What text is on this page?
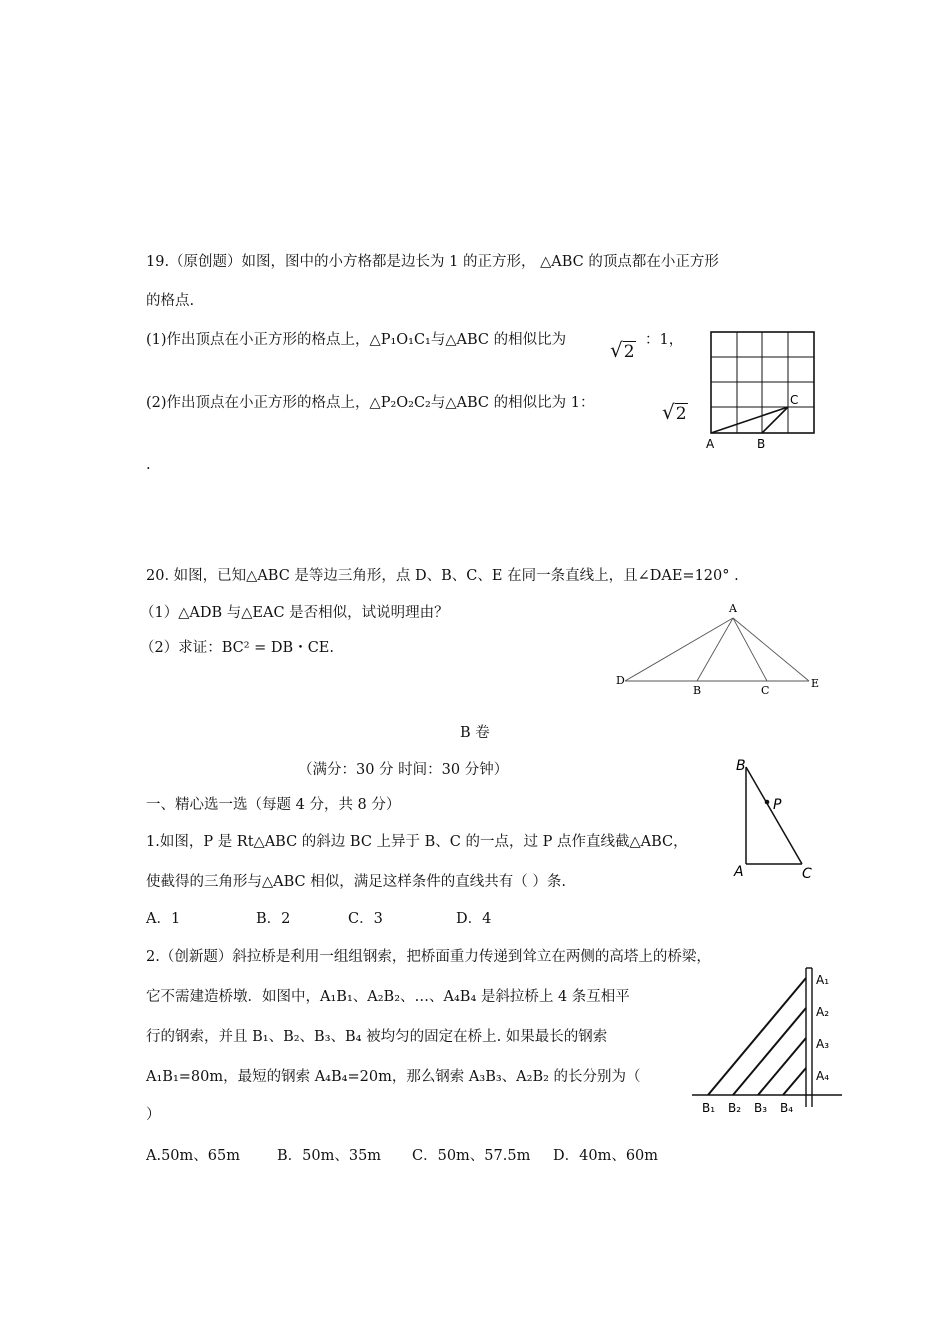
19.（原创题）如图，图中的小方格都是边长为 1 的正方形， △ABC 的顶点都在小正方形
的格点.
(1)作出顶点在小正方形的格点上，△P₁O₁C₁与△ABC 的相似比为 √2
：1，
(2)作出顶点在小正方形的格点上，△P₂O₂C₂与△ABC 的相似比为 1：	√2
.
A	B
C
20. 如图，已知△ABC 是等边三角形，点 D、B、C、E 在同一条直线上，且∠DAE=120° .
（1）△ADB 与△EAC 是否相似，试说明理由？
（2）求证：BC² = DB・CE.
A
D
B	C
E
B 卷
（满分：30 分 时间：30 分钟）
一、精心选一选（每题 4 分，共 8 分）
1.如图，P 是 Rt△ABC 的斜边 BC 上异于 B、C 的一点，过 P 点作直线截△ABC，
使截得的三角形与△ABC 相似，满足这样条件的直线共有（ ）条.
A．1	B．2	C．3	D．4
B
P
A	C
2.（创新题）斜拉桥是利用一组组钢索，把桥面重力传递到耸立在两侧的高塔上的桥梁，
它不需建造桥墩．如图中，A₁B₁、A₂B₂、…、A₄B₄ 是斜拉桥上 4 条互相平
行的钢索，并且 B₁、B₂、B₃、B₄ 被均匀的固定在桥上. 如果最长的钢索
A₁B₁=80m，最短的钢索 A₄B₄=20m，那么钢索 A₃B₃、A₂B₂ 的长分别为（
）
A.50m、65m	B．50m、35m C．50m、57.5m D．40m、60m
A₁
A₂
A₃
A₄
B₁ B₂ B₃ B₄
